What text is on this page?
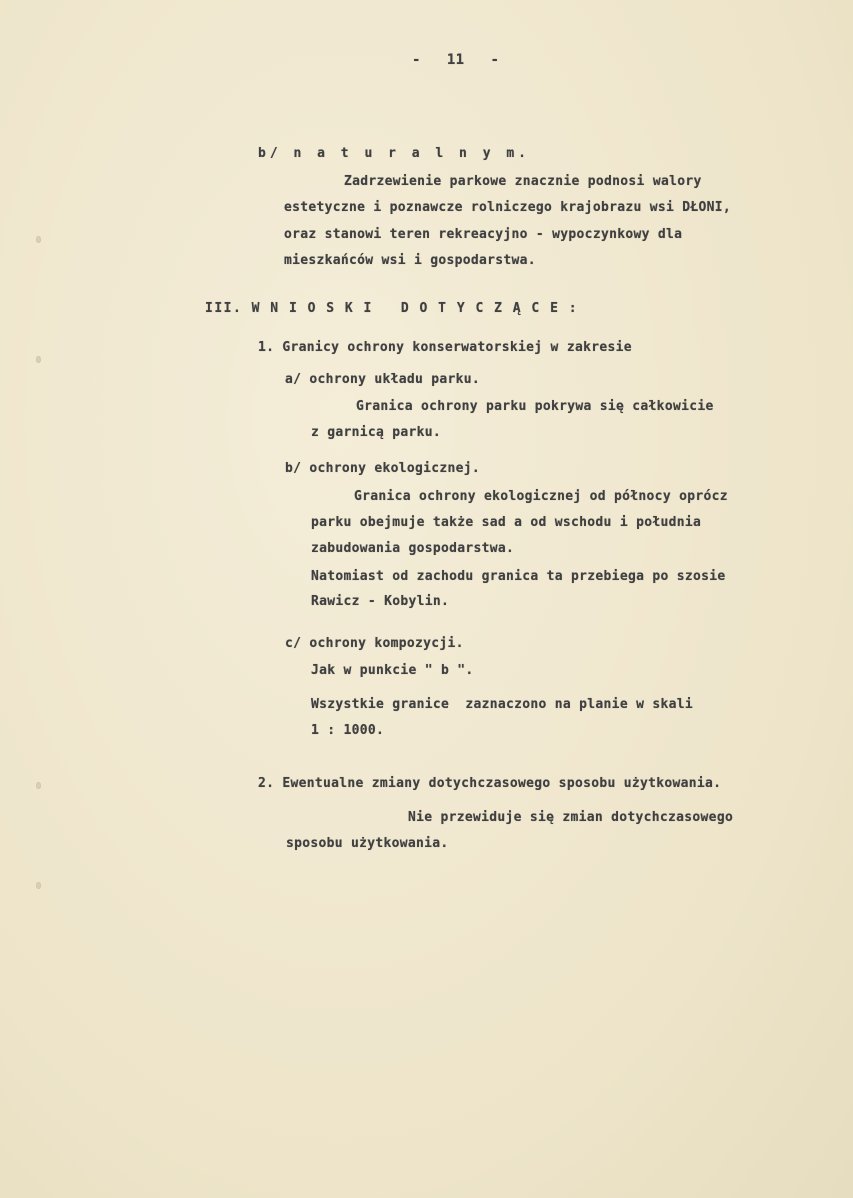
-   11   -
b/ n a t u r a l n y m.
Zadrzewienie parkowe znacznie podnosi walory
estetyczne i poznawcze rolniczego krajobrazu wsi DŁONI,
oraz stanowi teren rekreacyjno - wypoczynkowy dla
mieszkańców wsi i gospodarstwa.
III. W N I O S K I   D O T Y C Z Ą C E :
1. Granicy ochrony konserwatorskiej w zakresie
a/ ochrony układu parku.
Granica ochrony parku pokrywa się całkowicie
z garnicą parku.
b/ ochrony ekologicznej.
Granica ochrony ekologicznej od północy oprócz
parku obejmuje także sad a od wschodu i południa
zabudowania gospodarstwa.
Natomiast od zachodu granica ta przebiega po szosie
Rawicz - Kobylin.
c/ ochrony kompozycji.
Jak w punkcie " b ".
Wszystkie granice  zaznaczono na planie w skali
1 : 1000.
2. Ewentualne zmiany dotychczasowego sposobu użytkowania.
Nie przewiduje się zmian dotychczasowego
sposobu użytkowania.
